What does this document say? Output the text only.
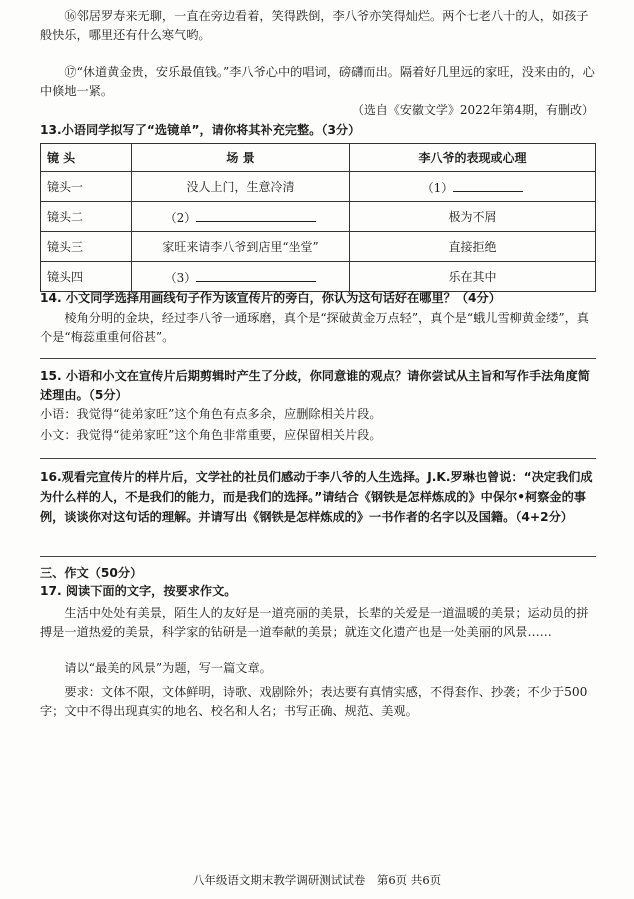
⑯邻居罗寿来无聊，一直在旁边看着，笑得跌倒，李八爷亦笑得灿烂。两个七老八十的人，如孩子般快乐，哪里还有什么寒气哟。

⑰“休道黄金贵，安乐最值钱。”李八爷心中的唱词，磅礴而出。隔着好几里远的家旺，没来由的，心中倏地一紧。

（选自《安徽文学》2022年第4期，有删改）

13.小语同学拟写了“选镜单”，请你将其补充完整。（3分）

镜 头	场 景	李八爷的表现或心理
镜头一	没人上门，生意冷清	（1）
镜头二	（2）	极为不屑
镜头三	家旺来请李八爷到店里“坐堂”	直接拒绝
镜头四	（3）	乐在其中

14. 小文同学选择用画线句子作为该宣传片的旁白，你认为这句话好在哪里？（4分）

棱角分明的金块，经过李八爷一通琢磨，真个是“探破黄金万点轻”，真个是“蛾儿雪柳黄金缕”，真个是“梅蕊重重何俗甚”。

15. 小语和小文在宣传片后期剪辑时产生了分歧，你同意谁的观点？请你尝试从主旨和写作手法角度简述理由。（5分）

小语：我觉得“徒弟家旺”这个角色有点多余，应删除相关片段。

小文：我觉得“徒弟家旺”这个角色非常重要，应保留相关片段。

16.观看完宣传片的样片后，文学社的社员们感动于李八爷的人生选择。J.K.罗琳也曾说：“决定我们成为什么样的人，不是我们的能力，而是我们的选择。”请结合《钢铁是怎样炼成的》中保尔•柯察金的事例，谈谈你对这句话的理解。并请写出《钢铁是怎样炼成的》一书作者的名字以及国籍。（4+2分）

三、作文（50分）

17. 阅读下面的文字，按要求作文。

生活中处处有美景，陌生人的友好是一道亮丽的美景，长辈的关爱是一道温暖的美景；运动员的拼搏是一道热爱的美景，科学家的钻研是一道奉献的美景；就连文化遗产也是一处美丽的风景……

请以“最美的风景”为题，写一篇文章。

要求：文体不限，文体鲜明，诗歌、戏剧除外；表达要有真情实感，不得套作、抄袭；不少于500字；文中不得出现真实的地名、校名和人名；书写正确、规范、美观。

八年级语文期末教学调研测试试卷　第6页 共6页
